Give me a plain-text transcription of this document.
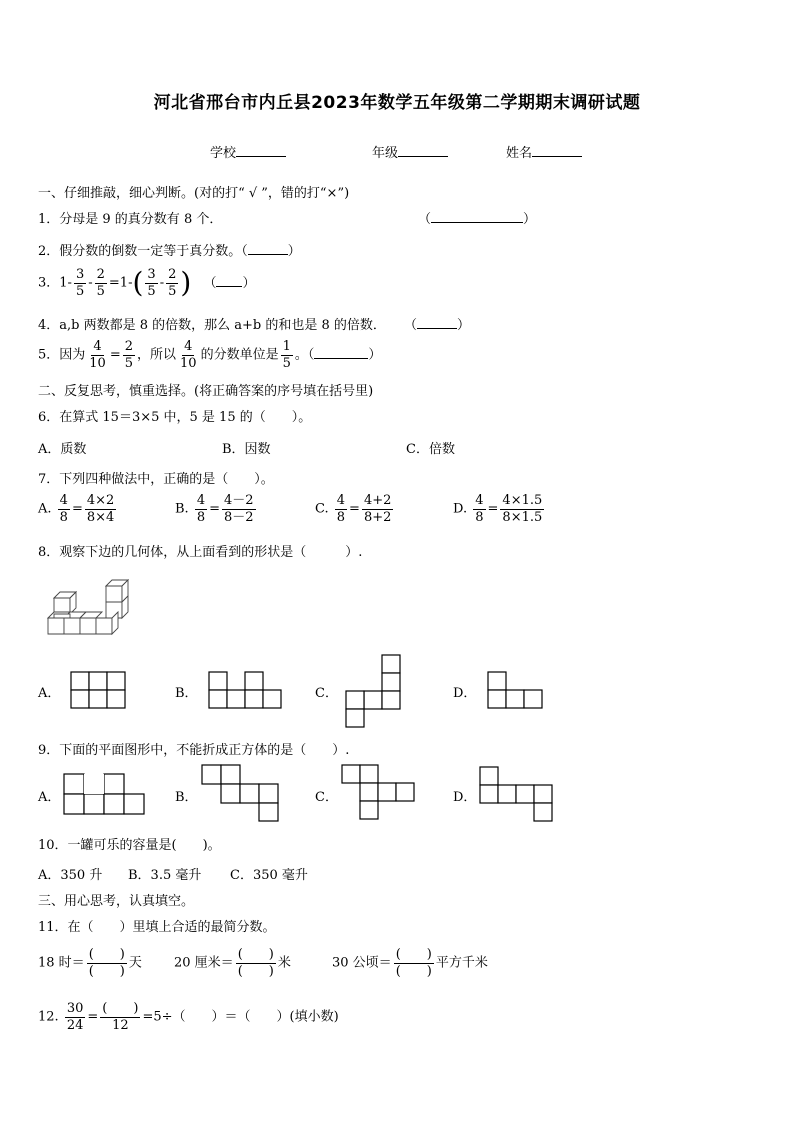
河北省邢台市内丘县2023年数学五年级第二学期期末调研试题
学校	年级	姓名
一、仔细推敲，细心判断。(对的打“ √ ”，错的打“×”)
1．分母是 9 的真分数有 8 个．	（	）
2．假分数的倒数一定等于真分数。（	）
3．$1- \frac{3}{5} - \frac{2}{5} =1-( \frac{3}{5} - \frac{2}{5}$ ) （ ）
4．a,b 两数都是 8 的倍数，那么 a+b 的和也是 8 的倍数． （	）
5．因为 $\frac{4}{10} = \frac{2}{5}$ ，所以 $\frac{4}{10}$ 的分数单位是 $\frac{1}{5}$ 。（	）
二、反复思考，慎重选择。(将正确答案的序号填在括号里)
6．在算式 15＝3×5 中，5 是 15 的（　　）。
A．质数	B．因数	C．倍数
7．下列四种做法中，正确的是（　　）。
A. $\frac{4}{8} = \frac{4\times 2}{8\times 4}$	B. $\frac{4}{8} = \frac{4-2}{8-2}$	C. $\frac{4}{8} = \frac{4+2}{8+2}$	D. $\frac{4}{8} = \frac{4\times 1.5}{8\times 1.5}$
8．观察下边的几何体，从上面看到的形状是（　　　）.
A．	B．	C．	D．
9．下面的平面图形中，不能折成正方体的是（　　）.
A．	B．	C．	D．
10．一罐可乐的容量是(　　)。
A．350 升 B．3.5 毫升 C．350 毫升
三、用心思考，认真填空。
11．在（　　）里填上合适的最简分数。
18 时＝ $\frac{( )}{( )}$ 天 20 厘米＝ $\frac{( )}{( )}$ 米	30 公顷＝ $\frac{( )}{( )}$ 平方千米
12. $\frac{30}{24} = \frac{( )}{12} =5\div$（　　）＝（　　）(填小数)
